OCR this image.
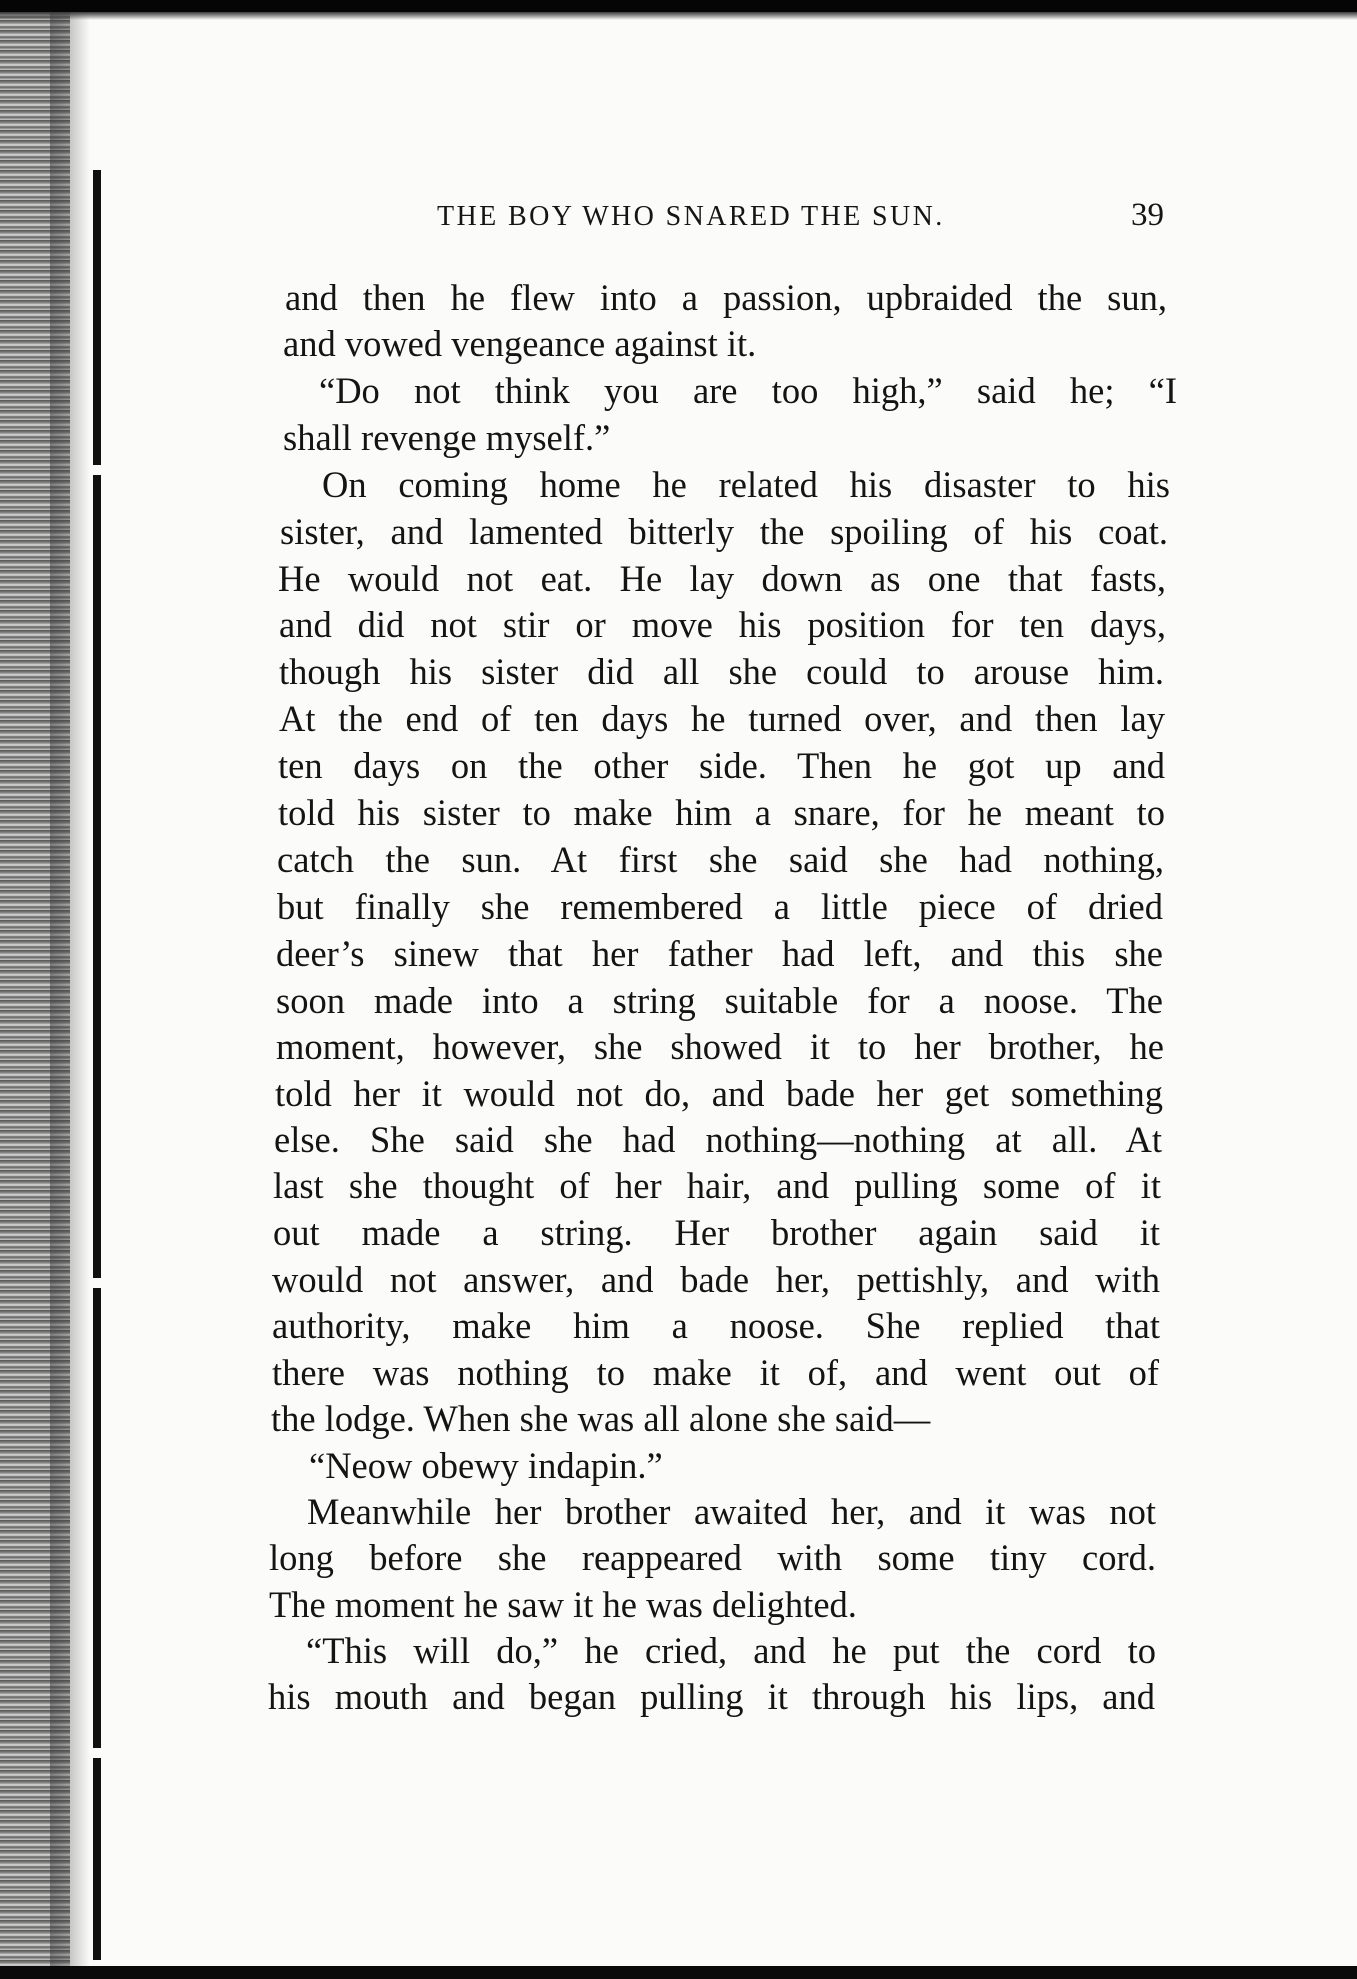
THE BOY WHO SNARED THE SUN.	39
and then he flew into a passion, upbraided the sun,
and vowed vengeance against it.
“Do not think you are too high,” said he; “I
shall revenge myself.”
On coming home he related his disaster to his
sister, and lamented bitterly the spoiling of his coat.
He would not eat. He lay down as one that fasts,
and did not stir or move his position for ten days,
though his sister did all she could to arouse him.
At the end of ten days he turned over, and then lay
ten days on the other side. Then he got up and
told his sister to make him a snare, for he meant to
catch the sun. At first she said she had nothing,
but finally she remembered a little piece of dried
deer’s sinew that her father had left, and this she
soon made into a string suitable for a noose. The
moment, however, she showed it to her brother, he
told her it would not do, and bade her get something
else. She said she had nothing—nothing at all. At
last she thought of her hair, and pulling some of it
out made a string. Her brother again said it
would not answer, and bade her, pettishly, and with
authority, make him a noose. She replied that
there was nothing to make it of, and went out of
the lodge. When she was all alone she said—
“Neow obewy indapin.”
Meanwhile her brother awaited her, and it was not
long before she reappeared with some tiny cord.
The moment he saw it he was delighted.
“This will do,” he cried, and he put the cord to
his mouth and began pulling it through his lips, and
